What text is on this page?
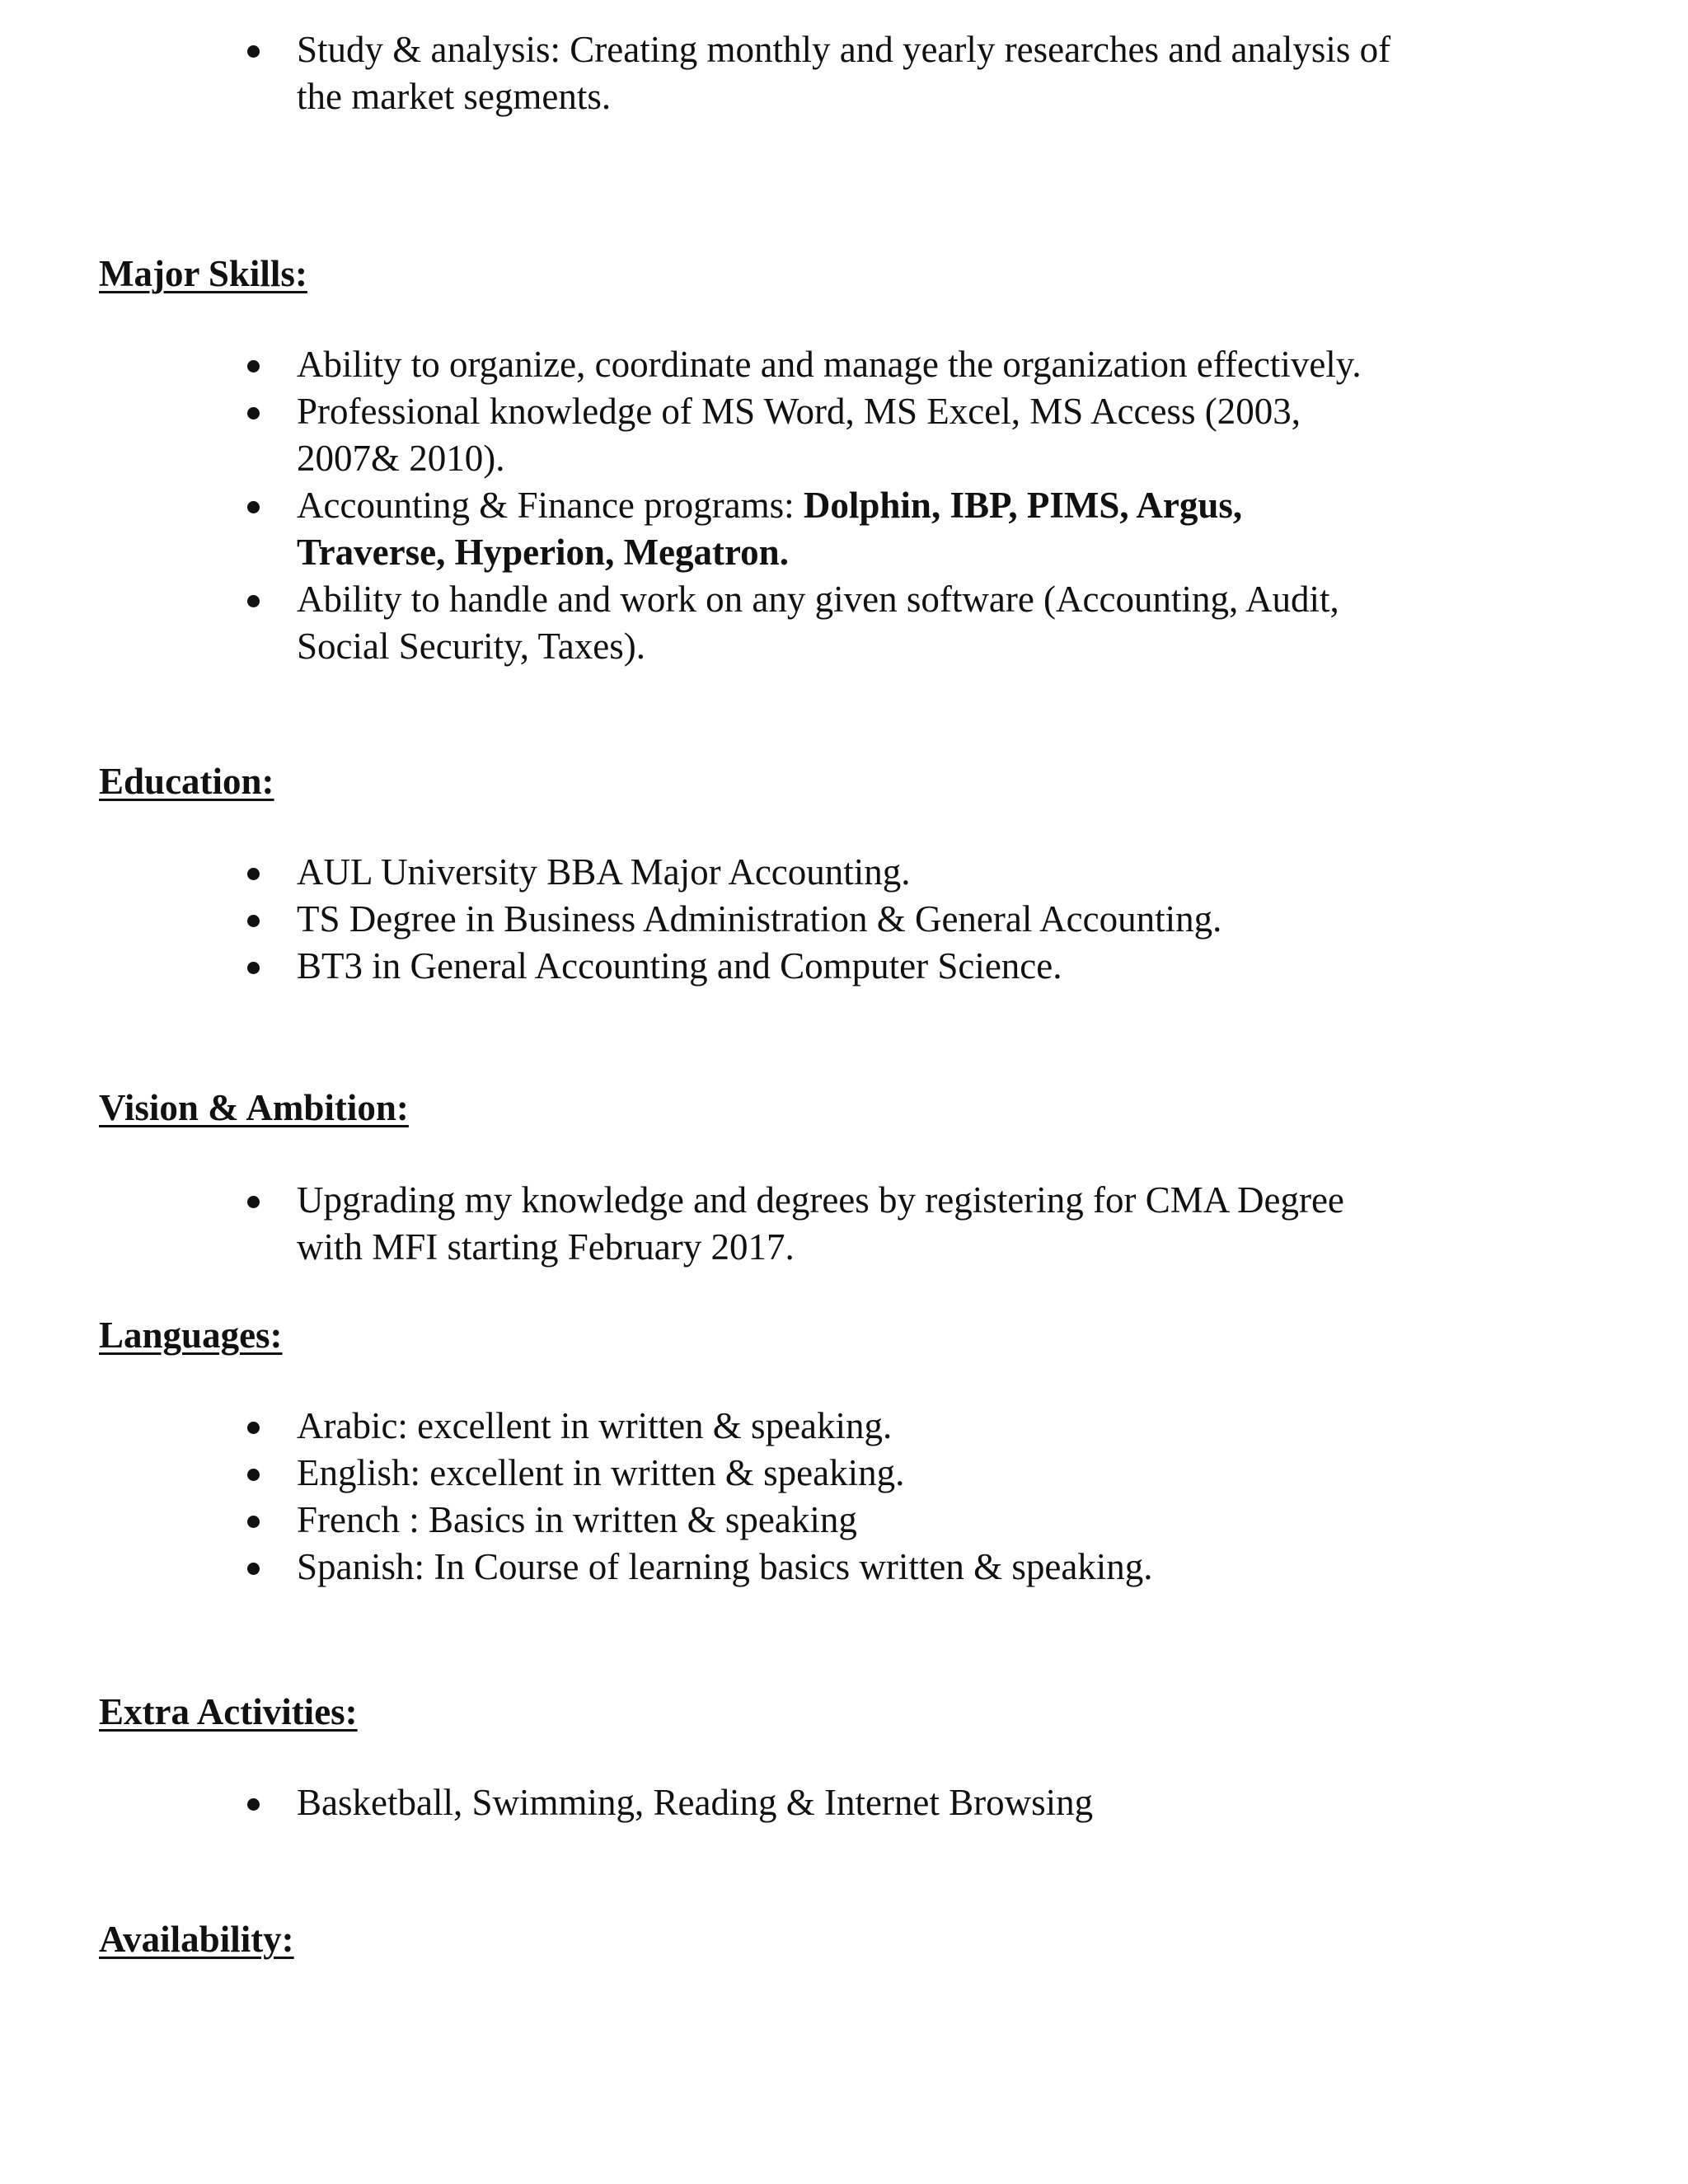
Study & analysis: Creating monthly and yearly researches and analysis of
the market segments.
Major Skills:
Ability to organize, coordinate and manage the organization effectively.
Professional knowledge of MS Word, MS Excel, MS Access (2003,
2007& 2010).
Accounting & Finance programs: Dolphin, IBP, PIMS, Argus,
Traverse, Hyperion, Megatron.
Ability to handle and work on any given software (Accounting, Audit,
Social Security, Taxes).
Education:
AUL University BBA Major Accounting.
TS Degree in Business Administration & General Accounting.
BT3 in General Accounting and Computer Science.
Vision & Ambition:
Upgrading my knowledge and degrees by registering for CMA Degree
with MFI starting February 2017.
Languages:
Arabic: excellent in written & speaking.
English: excellent in written & speaking.
French : Basics in written & speaking
Spanish: In Course of learning basics written & speaking.
Extra Activities:
Basketball, Swimming, Reading & Internet Browsing
Availability:
